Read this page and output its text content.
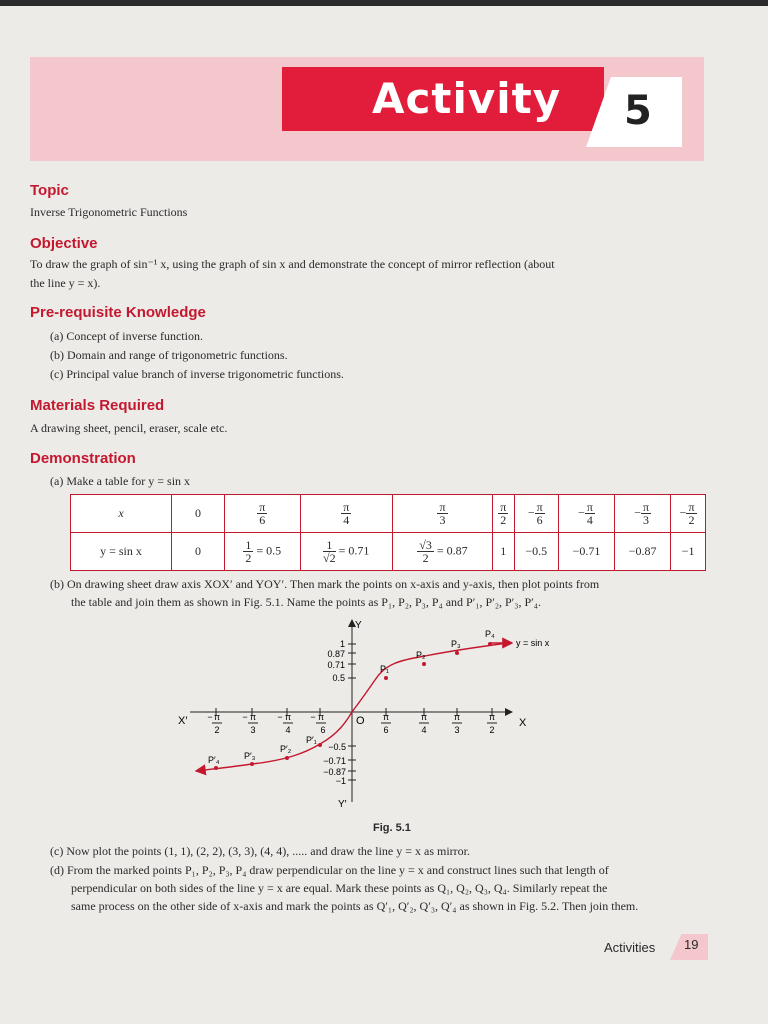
Activity 5
Topic
Inverse Trigonometric Functions
Objective
To draw the graph of sin⁻¹ x, using the graph of sin x and demonstrate the concept of mirror reflection (about
the line y = x).
Pre-requisite Knowledge
(a) Concept of inverse function.
(b) Domain and range of trigonometric functions.
(c) Principal value branch of inverse trigonometric functions.
Materials Required
A drawing sheet, pencil, eraser, scale etc.
Demonstration
(a) Make a table for y = sin x
x	0	$\frac{\pi}{6}$	$\frac{\pi}{4}$	$\frac{\pi}{3}$	$\frac{\pi}{2}$	− $\frac{\pi}{6}$	− $\frac{\pi}{4}$	− $\frac{\pi}{3}$	− $\frac{\pi}{2}$

y = sin x	0	$\frac{1}{2} = 0.5$	$\frac{1}{√2} = 0.71$	$\frac{√3}{2} = 0.87$	1	−0.5	−0.71	−0.87	−1
(b) On drawing sheet draw axis XOX′ and YOY′. Then mark the points on x-axis and y-axis, then plot points from
the table and join them as shown in Fig. 5.1. Name the points as P₁, P₂, P₃, P₄ and P′₁, P′₂, P′₃, P′₄.
Y
Y′
X′	X
O
1
0.87
0.71
0.5
−0.5
−0.71
−0.87
−1
− π
2
− π
3
− π
4
− π
6
π
6
π
4
π
3
π
2
y = sin x
P₁
P₂
P₃
P₄
P′₁
P′₂
P′₃
P′₄
Fig. 5.1
(c) Now plot the points (1, 1), (2, 2), (3, 3), (4, 4), ..... and draw the line y = x as mirror.
(d) From the marked points P₁, P₂, P₃, P₄ draw perpendicular on the line y = x and construct lines such that length of
perpendicular on both sides of the line y = x are equal. Mark these points as Q₁, Q₂, Q₃, Q₄. Similarly repeat the
same process on the other side of x-axis and mark the points as Q′₁, Q′₂, Q′₃, Q′₄ as shown in Fig. 5.2. Then join them.
Activities 19
